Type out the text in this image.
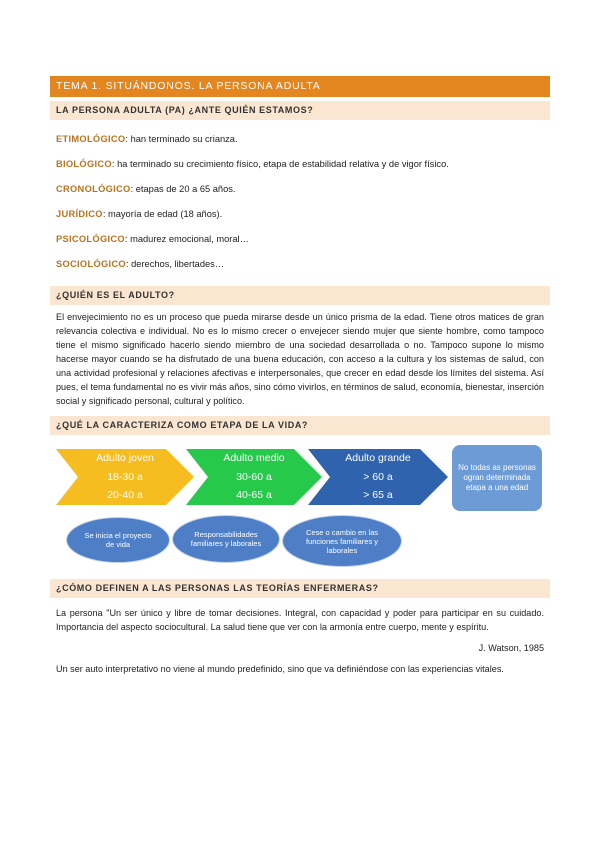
TEMA 1. SITUÁNDONOS. LA PERSONA ADULTA
LA PERSONA ADULTA (PA) ¿ANTE QUIÉN ESTAMOS?
ETIMOLÓGICO: han terminado su crianza.
BIOLÓGICO: ha terminado su crecimiento físico, etapa de estabilidad relativa y de vigor físico.
CRONOLÓGICO: etapas de 20 a 65 años.
JURÍDICO: mayoría de edad (18 años).
PSICOLÓGICO: madurez emocional, moral…
SOCIOLÓGICO: derechos, libertades…
¿QUIÉN ES EL ADULTO?
El envejecimiento no es un proceso que pueda mirarse desde un único prisma de la edad. Tiene otros matices de gran relevancia colectiva e individual. No es lo mismo crecer o envejecer siendo mujer que siente hombre, como tampoco tiene el mismo significado hacerlo siendo miembro de una sociedad desarrollada o no. Tampoco supone lo mismo hacerse mayor cuando se ha disfrutado de una buena educación, con acceso a la cultura y los sistemas de salud, con una actividad profesional y relaciones afectivas e interpersonales, que crecer en edad desde los límites del sistema. Así pues, el tema fundamental no es vivir más años, sino cómo vivirlos, en términos de salud, economía, bienestar, inserción social y significado personal, cultural y político.
¿QUÉ LA CARACTERIZA COMO ETAPA DE LA VIDA?
Adulto joven
18-30 a
20-40 a
Adulto medio
30-60 a
40-65 a
Adulto grande
> 60 a
> 65 a
No todas as personas ogran determinada etapa a una edad
Se inicia el proyecto de vida
Responsabilidades familiares y laborales
Cese o cambio en las funciones familiares y laborales
¿CÓMO DEFINEN A LAS PERSONAS LAS TEORÍAS ENFERMERAS?
La persona "Un ser único y libre de tomar decisiones. Integral, con capacidad y poder para participar en su cuidado. Importancia del aspecto sociocultural. La salud tiene que ver con la armonía entre cuerpo, mente y espíritu.
J. Watson, 1985
Un ser auto interpretativo no viene al mundo predefinido, sino que va definiéndose con las experiencias vitales.
